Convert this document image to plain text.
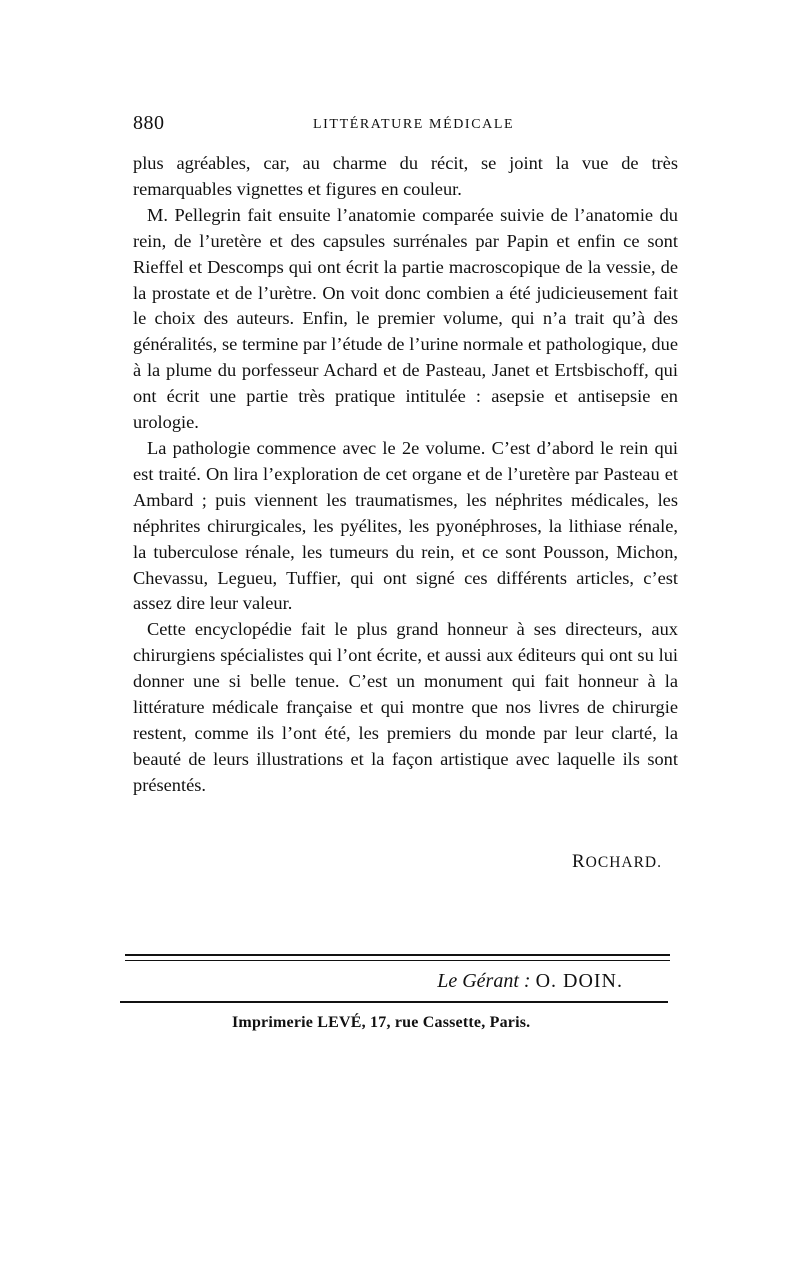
880	LITTÉRATURE MÉDICALE

plus agréables, car, au charme du récit, se joint la vue de très remarquables vignettes et figures en couleur.

M. Pellegrin fait ensuite l’anatomie comparée suivie de l’anatomie du rein, de l’uretère et des capsules surrénales par Papin et enfin ce sont Rieffel et Descomps qui ont écrit la partie macroscopique de la vessie, de la prostate et de l’urètre. On voit donc combien a été judicieusement fait le choix des auteurs. Enfin, le premier volume, qui n’a trait qu’à des généralités, se termine par l’étude de l’urine normale et pathologique, due à la plume du porfesseur Achard et de Pasteau, Janet et Ertsbischoff, qui ont écrit une partie très pratique intitulée : asepsie et antisepsie en urologie.

La pathologie commence avec le 2e volume. C’est d’abord le rein qui est traité. On lira l’exploration de cet organe et de l’uretère par Pasteau et Ambard ; puis viennent les traumatismes, les néphrites médicales, les néphrites chirurgicales, les pyélites, les pyonéphroses, la lithiase rénale, la tuberculose rénale, les tumeurs du rein, et ce sont Pousson, Michon, Chevassu, Legueu, Tuffier, qui ont signé ces différents articles, c’est assez dire leur valeur.

Cette encyclopédie fait le plus grand honneur à ses directeurs, aux chirurgiens spécialistes qui l’ont écrite, et aussi aux éditeurs qui ont su lui donner une si belle tenue. C’est un monument qui fait honneur à la littérature médicale française et qui montre que nos livres de chirurgie restent, comme ils l’ont été, les premiers du monde par leur clarté, la beauté de leurs illustrations et la façon artistique avec laquelle ils sont présentés.

ROCHARD.
Le Gérant : O. DOIN.
Imprimerie LEVÉ, 17, rue Cassette, Paris.
